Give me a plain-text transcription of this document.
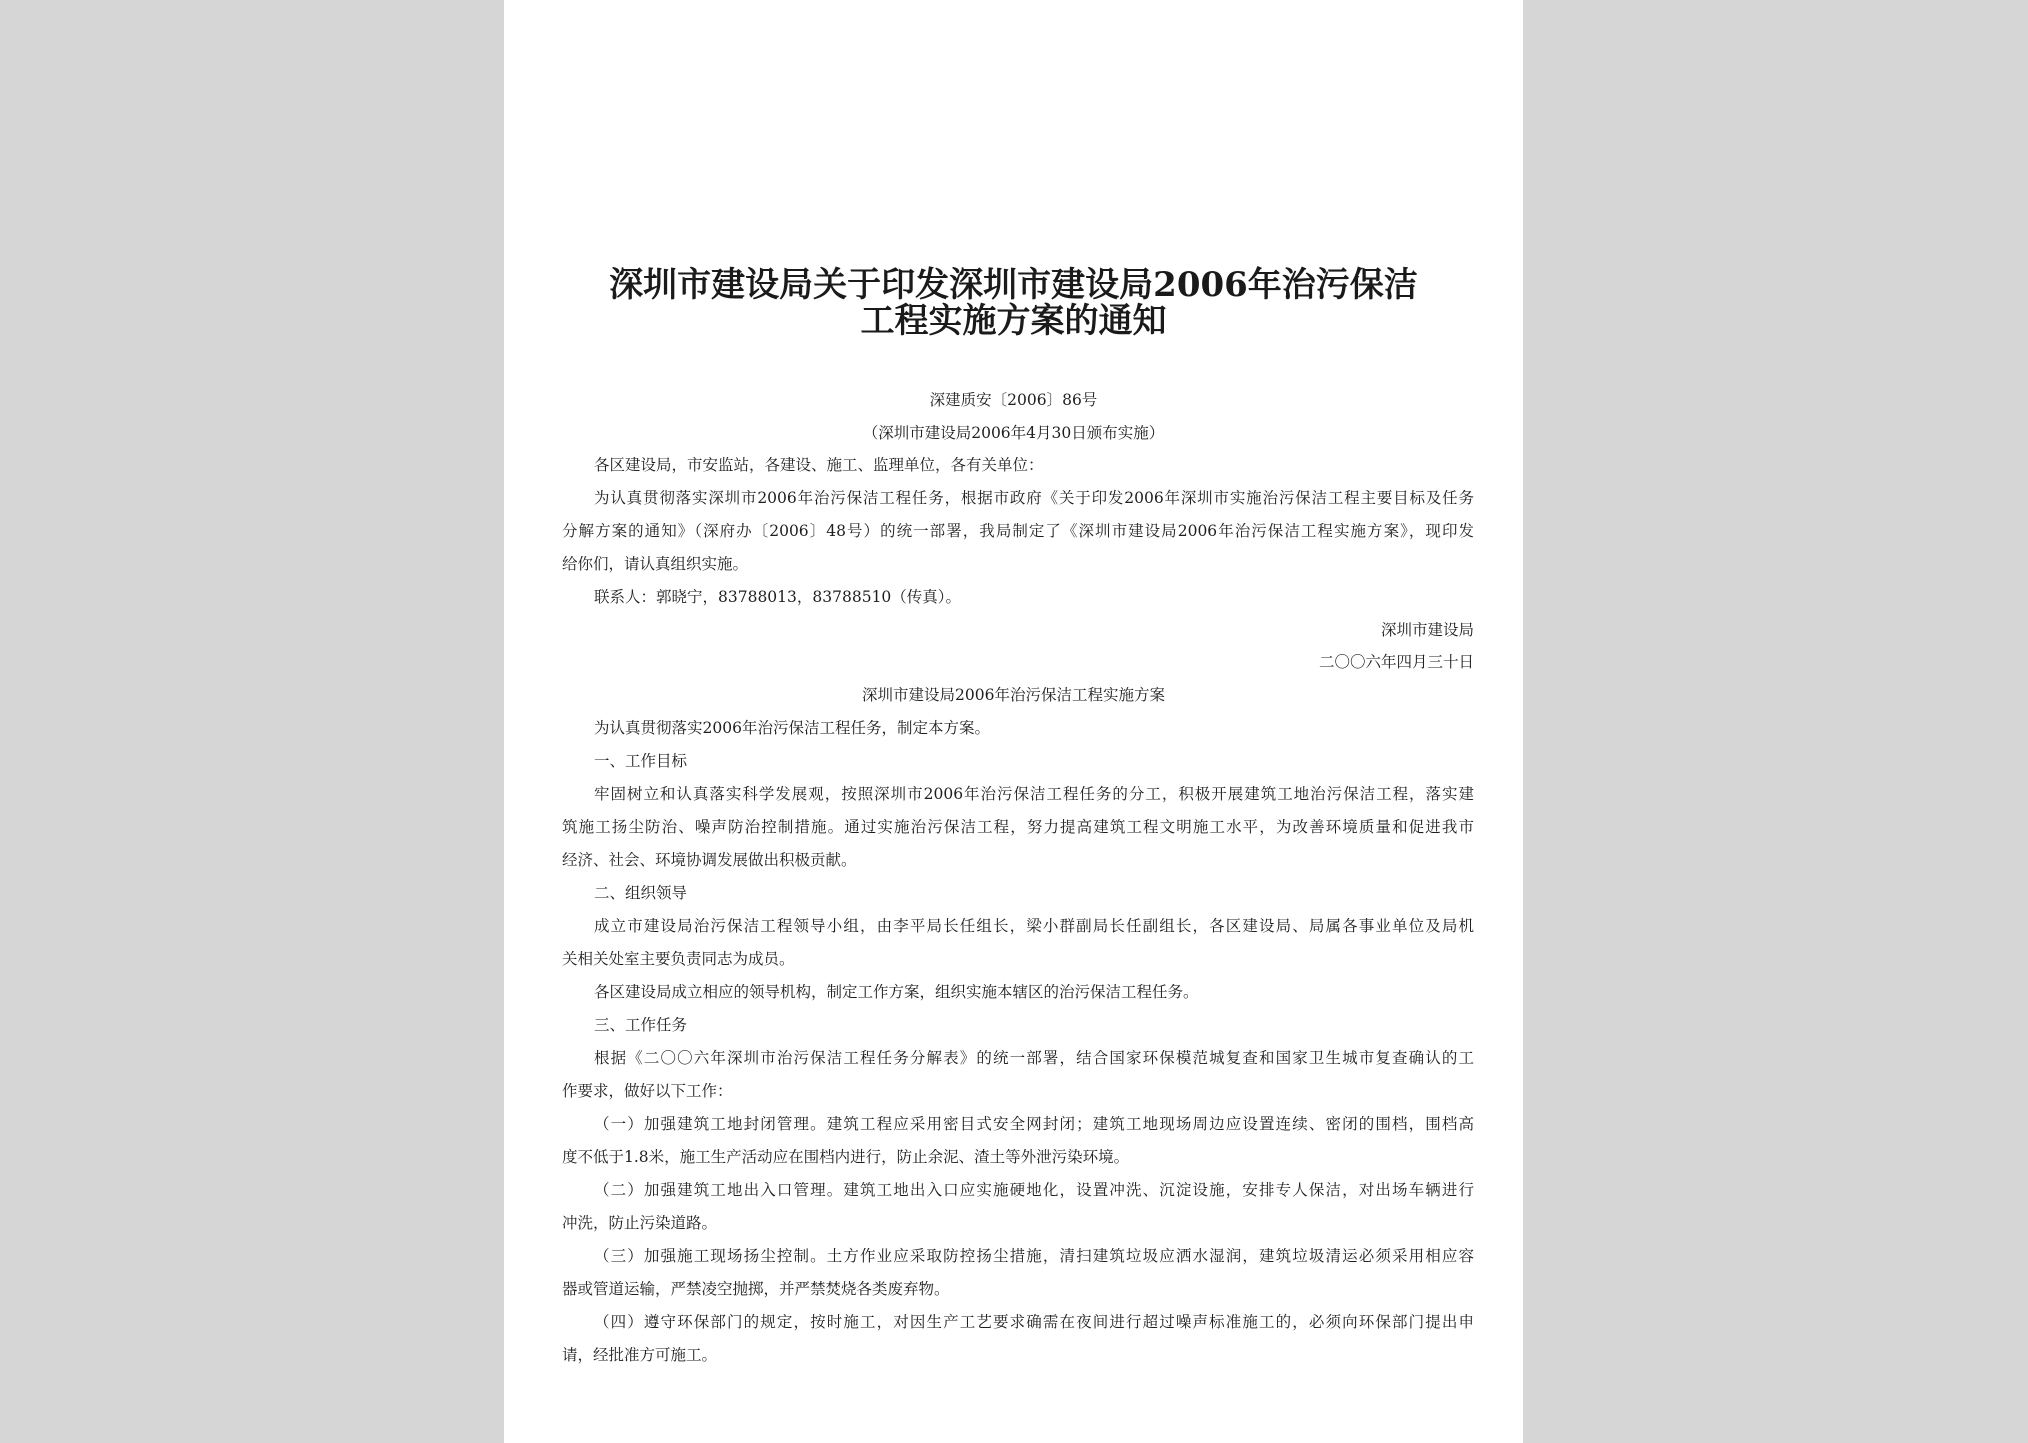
深圳市建设局关于印发深圳市建设局2006年治污保洁
工程实施方案的通知
深建质安〔2006〕86号
（深圳市建设局2006年4月30日颁布实施）
各区建设局，市安监站，各建设、施工、监理单位，各有关单位：
为认真贯彻落实深圳市2006年治污保洁工程任务，根据市政府《关于印发2006年深圳市实施治污保洁工程主要目标及任务
分解方案的通知》（深府办〔2006〕48号）的统一部署，我局制定了《深圳市建设局2006年治污保洁工程实施方案》，现印发
给你们，请认真组织实施。
联系人：郭晓宁，83788013，83788510（传真）。
深圳市建设局
二〇〇六年四月三十日
深圳市建设局2006年治污保洁工程实施方案
为认真贯彻落实2006年治污保洁工程任务，制定本方案。
一、工作目标
牢固树立和认真落实科学发展观，按照深圳市2006年治污保洁工程任务的分工，积极开展建筑工地治污保洁工程，落实建
筑施工扬尘防治、噪声防治控制措施。通过实施治污保洁工程，努力提高建筑工程文明施工水平，为改善环境质量和促进我市
经济、社会、环境协调发展做出积极贡献。
二、组织领导
成立市建设局治污保洁工程领导小组，由李平局长任组长，梁小群副局长任副组长，各区建设局、局属各事业单位及局机
关相关处室主要负责同志为成员。
各区建设局成立相应的领导机构，制定工作方案，组织实施本辖区的治污保洁工程任务。
三、工作任务
根据《二〇〇六年深圳市治污保洁工程任务分解表》的统一部署，结合国家环保模范城复查和国家卫生城市复查确认的工
作要求，做好以下工作：
（一）加强建筑工地封闭管理。建筑工程应采用密目式安全网封闭；建筑工地现场周边应设置连续、密闭的围档，围档高
度不低于1.8米，施工生产活动应在围档内进行，防止余泥、渣土等外泄污染环境。
（二）加强建筑工地出入口管理。建筑工地出入口应实施硬地化，设置冲洗、沉淀设施，安排专人保洁，对出场车辆进行
冲洗，防止污染道路。
（三）加强施工现场扬尘控制。土方作业应采取防控扬尘措施，清扫建筑垃圾应洒水湿润，建筑垃圾清运必须采用相应容
器或管道运输，严禁凌空抛掷，并严禁焚烧各类废弃物。
（四）遵守环保部门的规定，按时施工，对因生产工艺要求确需在夜间进行超过噪声标准施工的，必须向环保部门提出申
请，经批准方可施工。
